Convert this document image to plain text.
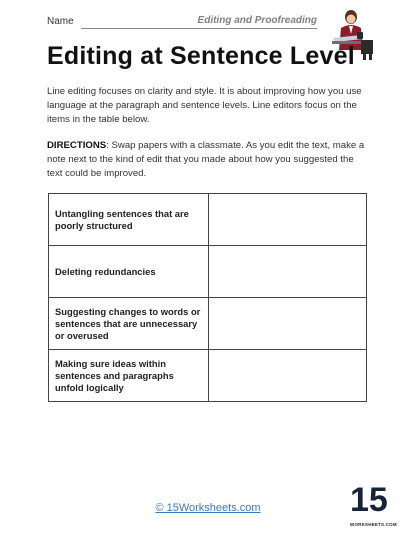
Name	Editing and Proofreading
Editing at Sentence Level

Line editing focuses on clarity and style. It is about improving how you use language at the paragraph and sentence levels. Line editors focus on the items in the table below.

DIRECTIONS: Swap papers with a classmate. As you edit the text, make a note next to the kind of edit that you made about how you suggested the text could be improved.

Untangling sentences that are poorly structured	
Deleting redundancies	
Suggesting changes to words or sentences that are unnecessary or overused	
Making sure ideas within sentences and paragraphs unfold logically	
© 15Worksheets.com	15
WORKSHEETS.COM
